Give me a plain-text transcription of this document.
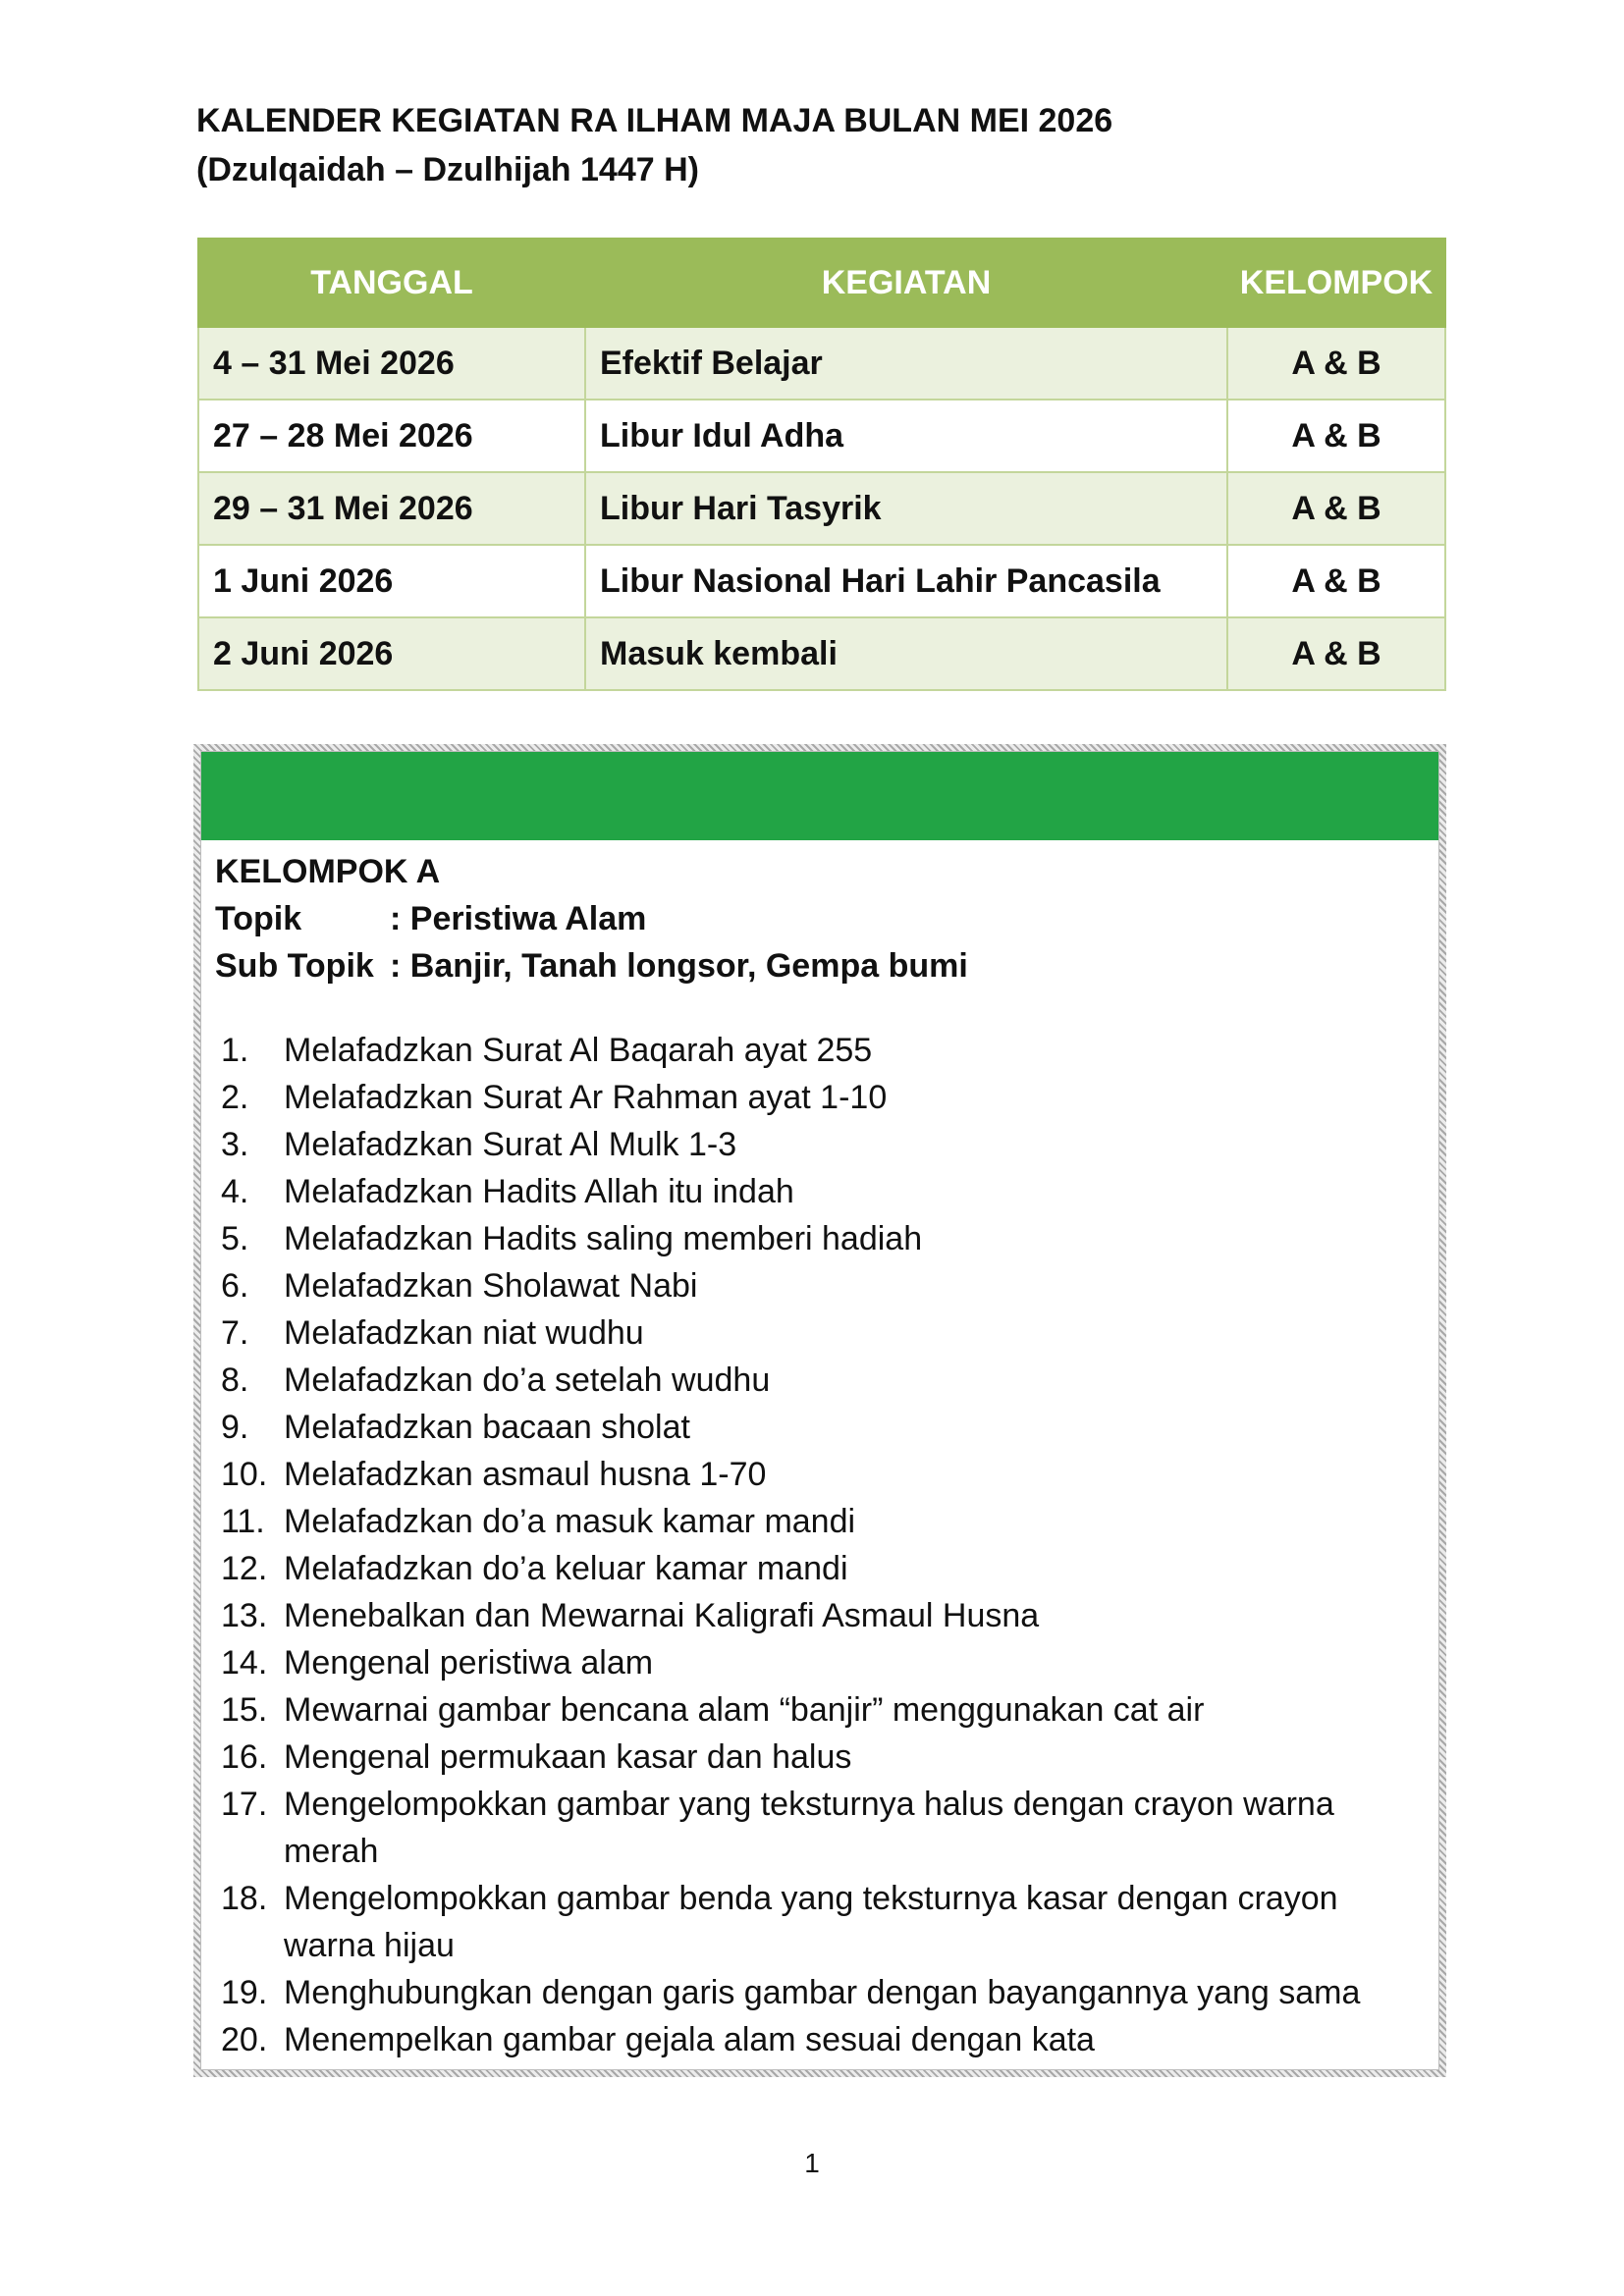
KALENDER KEGIATAN RA ILHAM MAJA BULAN MEI 2026
(Dzulqaidah – Dzulhijah 1447 H)
TANGGAL	KEGIATAN	KELOMPOK
4 – 31 Mei 2026	Efektif Belajar	A & B
27 – 28 Mei 2026	Libur Idul Adha	A & B
29 – 31 Mei 2026	Libur Hari Tasyrik	A & B
1 Juni 2026	Libur Nasional Hari Lahir Pancasila	A & B
2 Juni 2026	Masuk kembali	A & B
KELOMPOK A
Topik	: Peristiwa Alam
Sub Topik : Banjir, Tanah longsor, Gempa bumi
1.	Melafadzkan Surat Al Baqarah ayat 255
2.	Melafadzkan Surat Ar Rahman ayat 1-10
3.	Melafadzkan Surat Al Mulk 1-3
4.	Melafadzkan Hadits Allah itu indah
5.	Melafadzkan Hadits saling memberi hadiah
6.	Melafadzkan Sholawat Nabi
7.	Melafadzkan niat wudhu
8.	Melafadzkan do’a setelah wudhu
9.	Melafadzkan bacaan sholat
10. Melafadzkan asmaul husna 1-70
11. Melafadzkan do’a masuk kamar mandi
12. Melafadzkan do’a keluar kamar mandi
13. Menebalkan dan Mewarnai Kaligrafi Asmaul Husna
14. Mengenal peristiwa alam
15. Mewarnai gambar bencana alam “banjir” menggunakan cat air
16. Mengenal permukaan kasar dan halus
17. Mengelompokkan gambar yang teksturnya halus dengan crayon warna merah
18. Mengelompokkan gambar benda yang teksturnya kasar dengan crayon warna hijau
19. Menghubungkan dengan garis gambar dengan bayangannya yang sama
20. Menempelkan gambar gejala alam sesuai dengan kata
1
